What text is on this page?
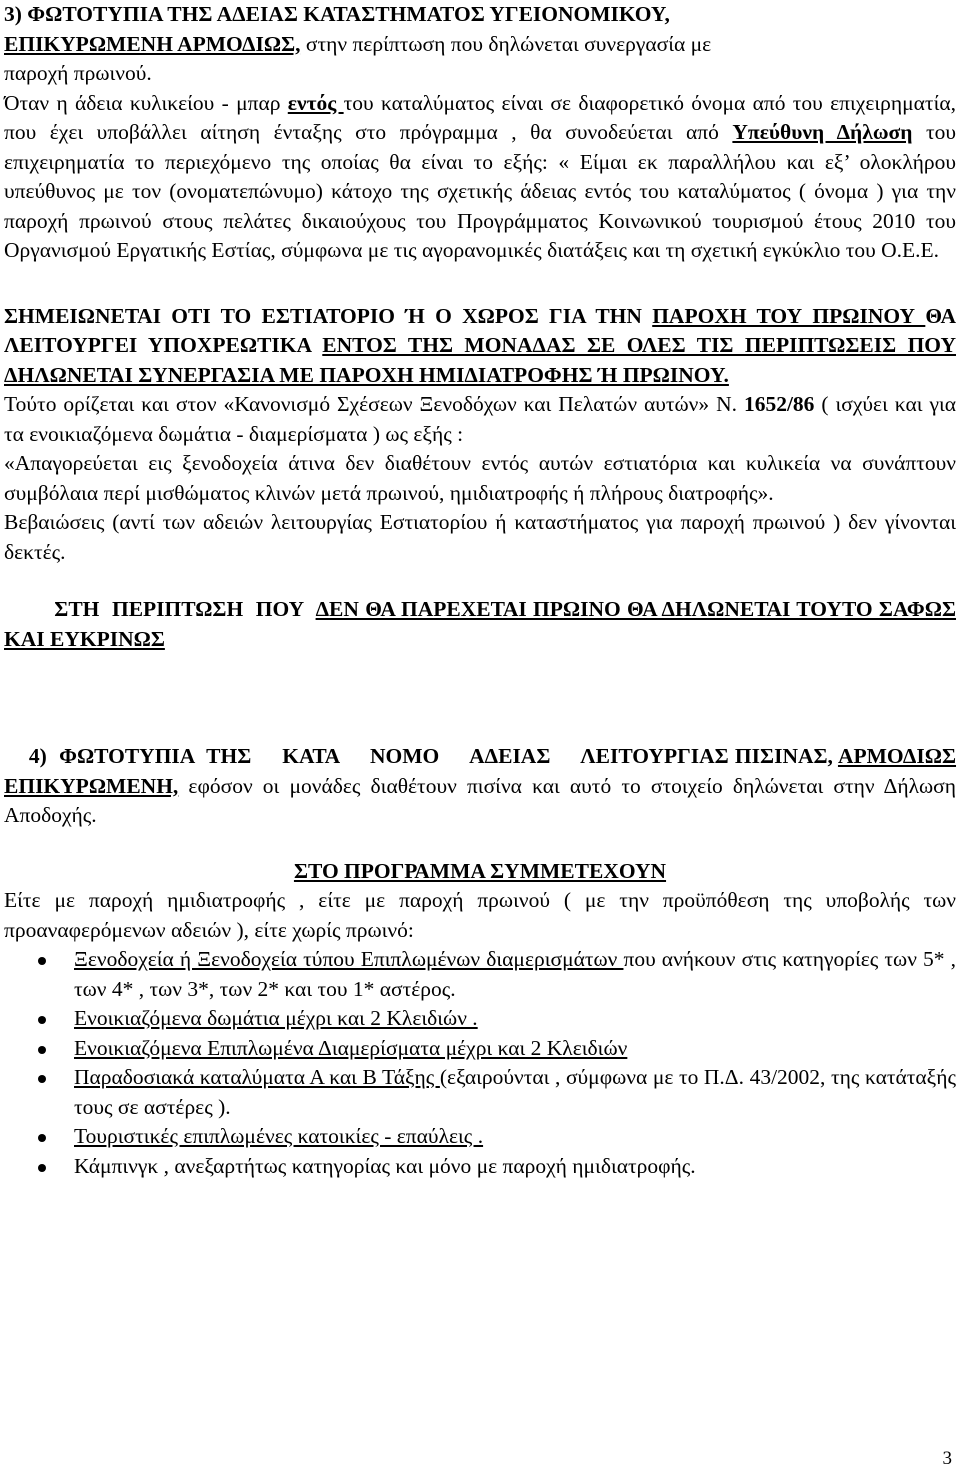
3) ΦΩΤΟΤΥΠΙΑ ΤΗΣ ΑΔΕΙΑΣ ΚΑΤΑΣΤΗΜΑΤΟΣ ΥΓΕΙΟΝΟΜΙΚΟΥ,
ΕΠΙΚΥΡΩΜΕΝΗ ΑΡΜΟΔΙΩΣ, στην περίπτωση που δηλώνεται συνεργασία με
παροχή πρωινού.
Όταν η άδεια κυλικείου - μπαρ εντός του καταλύματος είναι σε διαφορετικό όνομα από του επιχειρηματία, που έχει υποβάλλει αίτηση ένταξης στο πρόγραμμα , θα συνοδεύεται από Υπεύθυνη Δήλωση του επιχειρηματία το περιεχόμενο της οποίας θα είναι το εξής: « Είμαι εκ παραλλήλου και εξ’ ολοκλήρου υπεύθυνος με τον (ονοματεπώνυμο) κάτοχο της σχετικής άδειας εντός του καταλύματος ( όνομα ) για την παροχή πρωινού στους πελάτες δικαιούχους του Προγράμματος Κοινωνικού τουρισμού έτους 2010 του Οργανισμού Εργατικής Εστίας, σύμφωνα με τις αγορανομικές διατάξεις και τη σχετική εγκύκλιο του Ο.Ε.Ε.

ΣΗΜΕΙΩΝΕΤΑΙ ΟΤΙ ΤΟ ΕΣΤΙΑΤΟΡΙΟ Ή Ο ΧΩΡΟΣ ΓΙΑ ΤΗΝ ΠΑΡΟΧΗ ΤΟΥ ΠΡΩΙΝΟΥ ΘΑ ΛΕΙΤΟΥΡΓΕΙ ΥΠΟΧΡΕΩΤΙΚΑ ΕΝΤΟΣ ΤΗΣ ΜΟΝΑΔΑΣ ΣΕ ΟΛΕΣ ΤΙΣ ΠΕΡΙΠΤΩΣΕΙΣ ΠΟΥ ΔΗΛΩΝΕΤΑΙ ΣΥΝΕΡΓΑΣΙΑ ΜΕ ΠΑΡΟΧΗ ΗΜΙΔΙΑΤΡΟΦΗΣ Ή ΠΡΩΙΝΟΥ.

Τούτο ορίζεται και στον «Κανονισμό Σχέσεων Ξενοδόχων και Πελατών αυτών» Ν. 1652/86 ( ισχύει και για τα ενοικιαζόμενα δωμάτια - διαμερίσματα ) ως εξής :

«Απαγορεύεται εις ξενοδοχεία άτινα δεν διαθέτουν εντός αυτών εστιατόρια και κυλικεία να συνάπτουν συμβόλαια περί μισθώματος κλινών μετά πρωινού, ημιδιατροφής ή πλήρους διατροφής».

Βεβαιώσεις (αντί των αδειών λειτουργίας Εστιατορίου ή καταστήματος για παροχή πρωινού ) δεν γίνονται δεκτές.

ΣΤΗ  ΠΕΡΙΠΤΩΣΗ  ΠΟΥ  ΔΕΝ ΘΑ ΠΑΡΕΧΕΤΑΙ ΠΡΩΙΝΟ ΘΑ ΔΗΛΩΝΕΤΑΙ ΤΟΥΤΟ ΣΑΦΩΣ ΚΑΙ ΕΥΚΡΙΝΩΣ

4)  ΦΩΤΟΤΥΠΙΑ  ΤΗΣ     ΚΑΤΑ     ΝΟΜΟ     ΑΔΕΙΑΣ     ΛΕΙΤΟΥΡΓΙΑΣ ΠΙΣΙΝΑΣ, ΑΡΜΟΔΙΩΣ ΕΠΙΚΥΡΩΜΕΝΗ, εφόσον οι μονάδες διαθέτουν πισίνα και αυτό το στοιχείο δηλώνεται στην Δήλωση Αποδοχής.

ΣΤΟ ΠΡΟΓΡΑΜΜΑ ΣΥΜΜΕΤΕΧΟΥΝ

Είτε με παροχή ημιδιατροφής , είτε με παροχή πρωινού ( με την προϋπόθεση της υποβολής των προαναφερόμενων αδειών ), είτε χωρίς πρωινό:

Ξενοδοχεία ή Ξενοδοχεία τύπου Επιπλωμένων διαμερισμάτων που ανήκουν στις κατηγορίες των 5* , των 4* , των 3*, των 2* και του 1* αστέρος.
Ενοικιαζόμενα δωμάτια μέχρι και 2 Κλειδιών .
Ενοικιαζόμενα Επιπλωμένα Διαμερίσματα μέχρι και 2 Κλειδιών
Παραδοσιακά καταλύματα Α και Β Τάξης (εξαιρούνται , σύμφωνα με το Π.Δ. 43/2002, της κατάταξής τους σε αστέρες ).
Τουριστικές επιπλωμένες κατοικίες - επαύλεις .
Κάμπινγκ , ανεξαρτήτως κατηγορίας και μόνο με παροχή ημιδιατροφής.
3
